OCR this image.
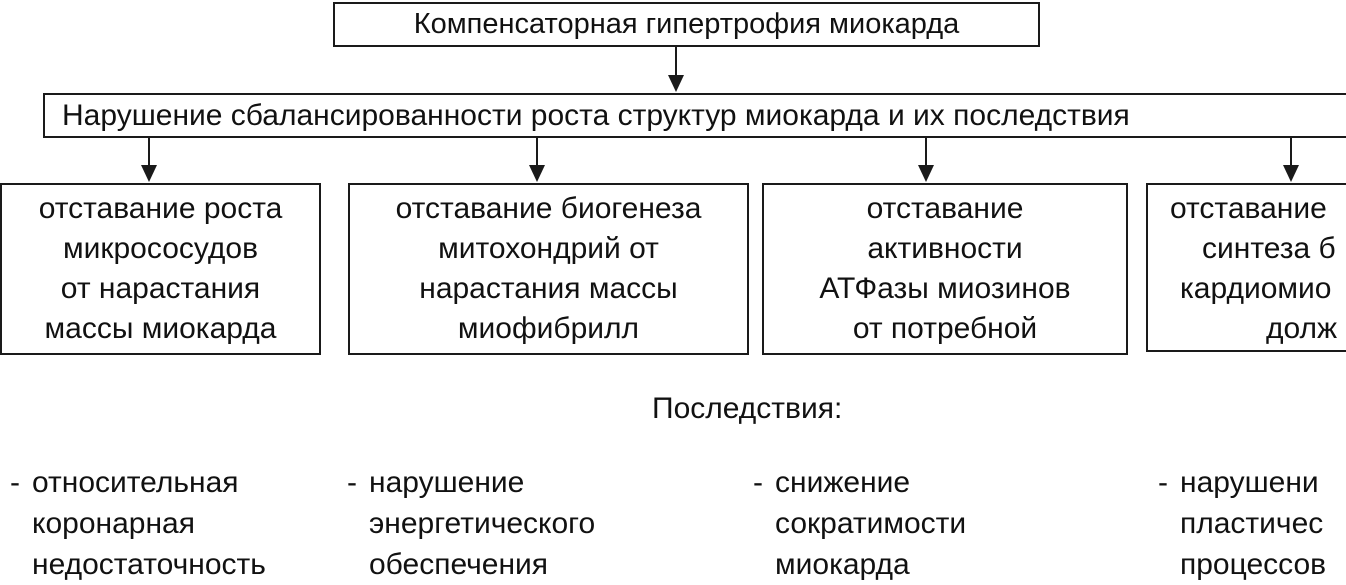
Компенсаторная гипертрофия миокарда
Нарушение сбалансированности роста структур миокарда и их последствия
отставание роста
микрососудов
от нарастания
массы миокарда
отставание биогенеза
митохондрий от
нарастания массы
миофибрилл
отставание
активности
АТФазы миозинов
от потребной
отставание
синтеза б
кардиомио
долж
Последствия:
- относительная
коронарная
недостаточность
- нарушение
энергетического
обеспечения
- снижение
сократимости
миокарда
- нарушени
пластичес
процессов
